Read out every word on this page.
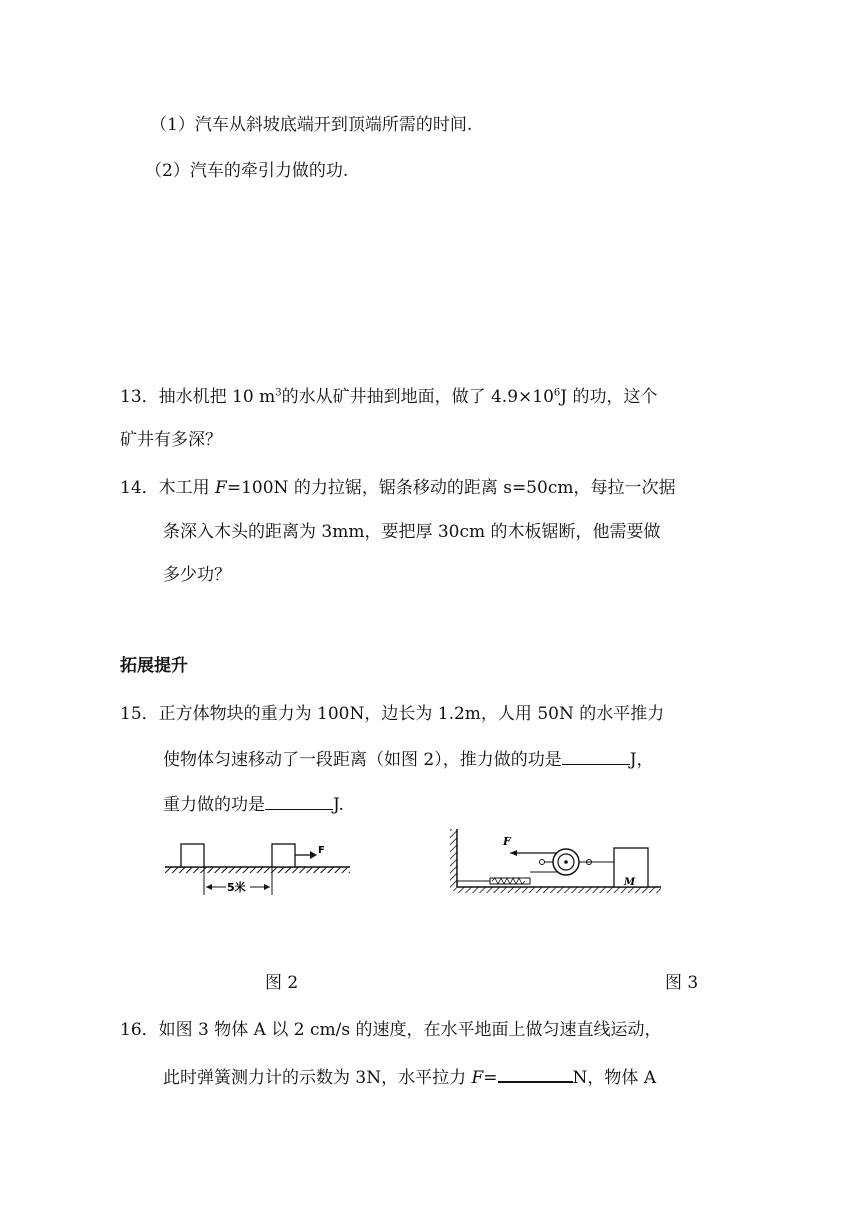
（1）汽车从斜坡底端开到顶端所需的时间.
（2）汽车的牵引力做的功.
13．抽水机把 10 $m^3$的水从矿井抽到地面，做了 $4.9\times 10^6J$ 的功，这个
矿井有多深？
14．木工用 F=100N 的力拉锯，锯条移动的距离 s=50cm，每拉一次据
条深入木头的距离为 3mm，要把厚 30cm 的木板锯断，他需要做
多少功？
拓展提升
15．正方体物块的重力为 100N，边长为 1.2m，人用 50N 的水平推力
使物体匀速移动了一段距离（如图 2），推力做的功是	J，
重力做的功是	J.
F
5米
F
M
图 2	图 3
16．如图 3 物体 A 以 2 cm/s 的速度，在水平地面上做匀速直线运动，
此时弹簧测力计的示数为 3N，水平拉力 F=	N，物体 A
